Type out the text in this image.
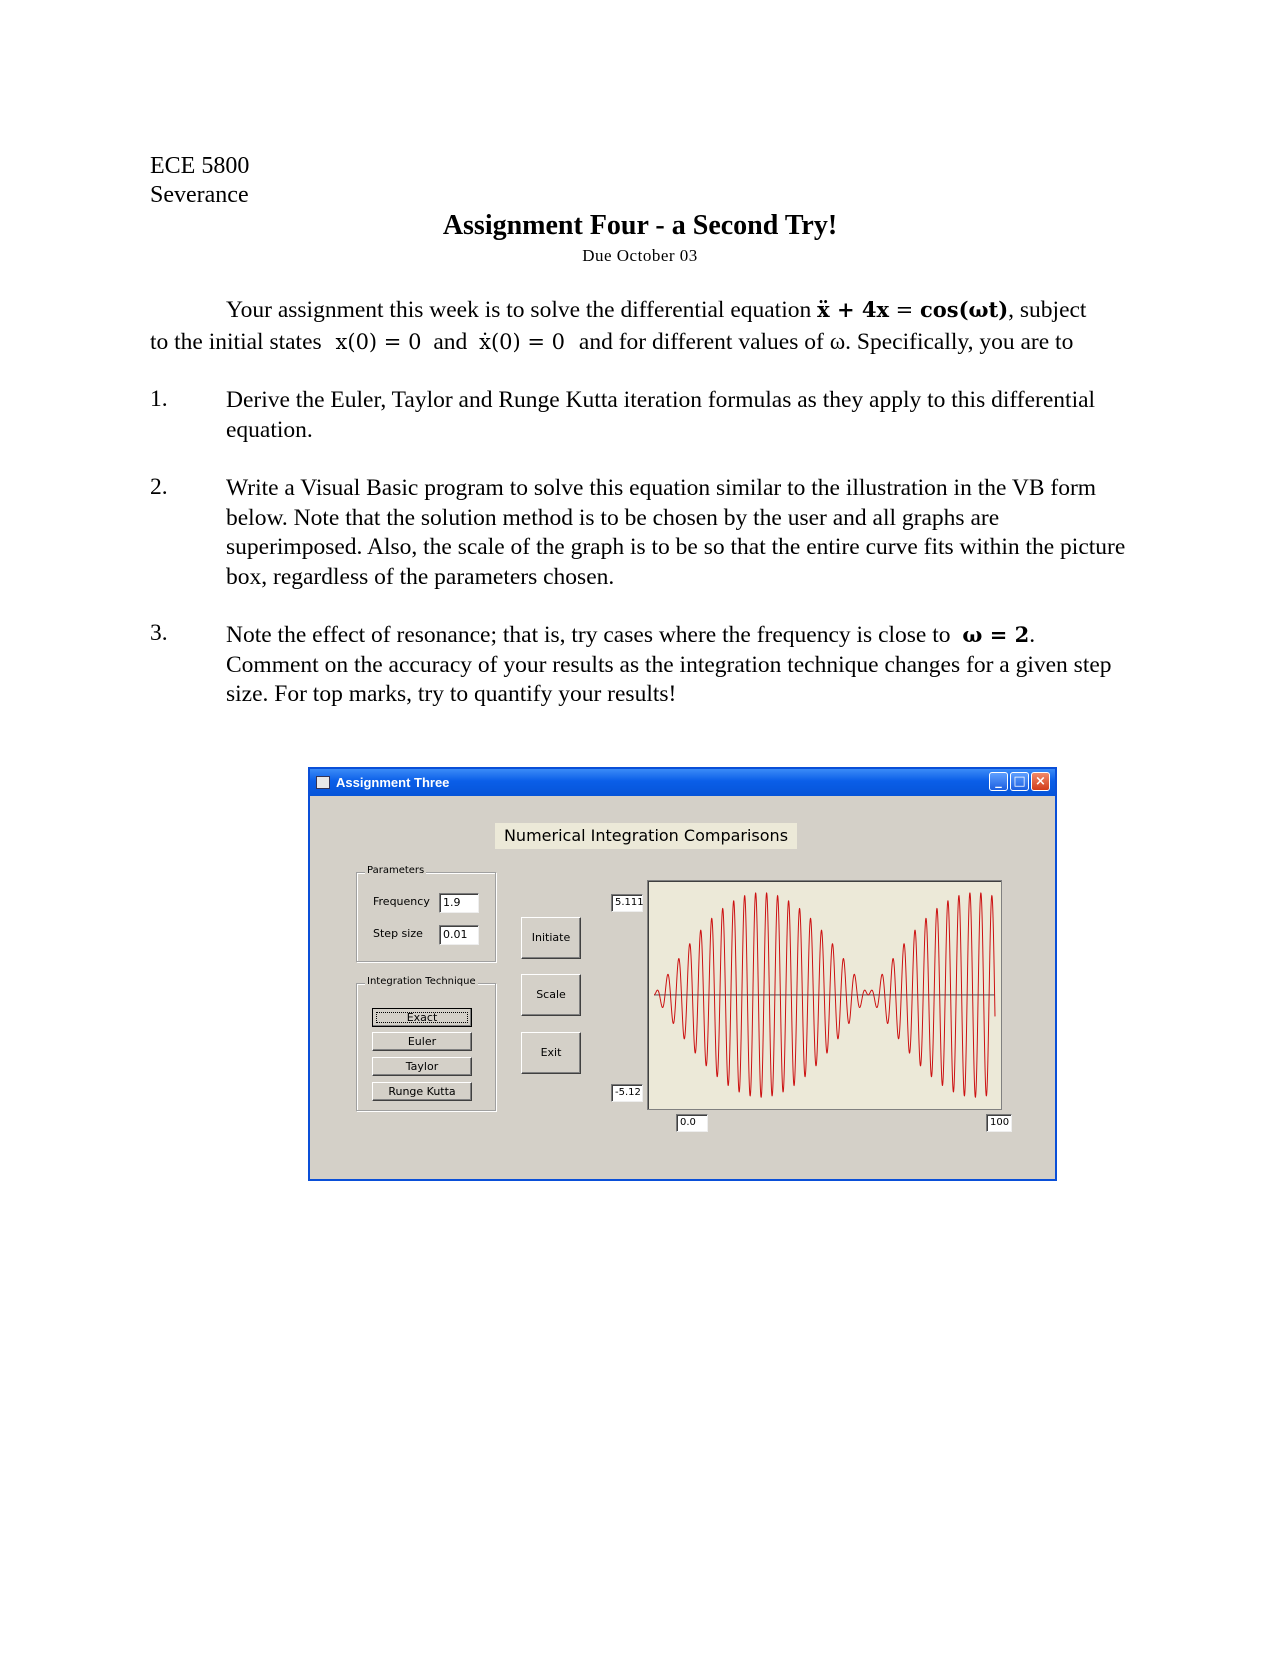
ECE 5800
Severance
Assignment Four - a Second Try!
Due October 03
Your assignment this week is to solve the differential equation ẍ + 4x = cos(ωt), subject
to the initial states x(0) = 0 and ẋ(0) = 0 and for different values of ω. Specifically, you are to
1. Derive the Euler, Taylor and Runge Kutta iteration formulas as they apply to this differential equation.
2. Write a Visual Basic program to solve this equation similar to the illustration in the VB form below. Note that the solution method is to be chosen by the user and all graphs are superimposed. Also, the scale of the graph is to be so that the entire curve fits within the picture box, regardless of the parameters chosen.
3. Note the effect of resonance; that is, try cases where the frequency is close to ω = 2. Comment on the accuracy of your results as the integration technique changes for a given step size. For top marks, try to quantify your results!
Assignment Three	_ □ ×
Numerical Integration Comparisons
Parameters
Frequency	1.9
Step size	0.01
Integration Technique
Exact
Euler
Taylor
Runge Kutta
Initiate
Scale
Exit
5.111
-5.12
0.0	100
